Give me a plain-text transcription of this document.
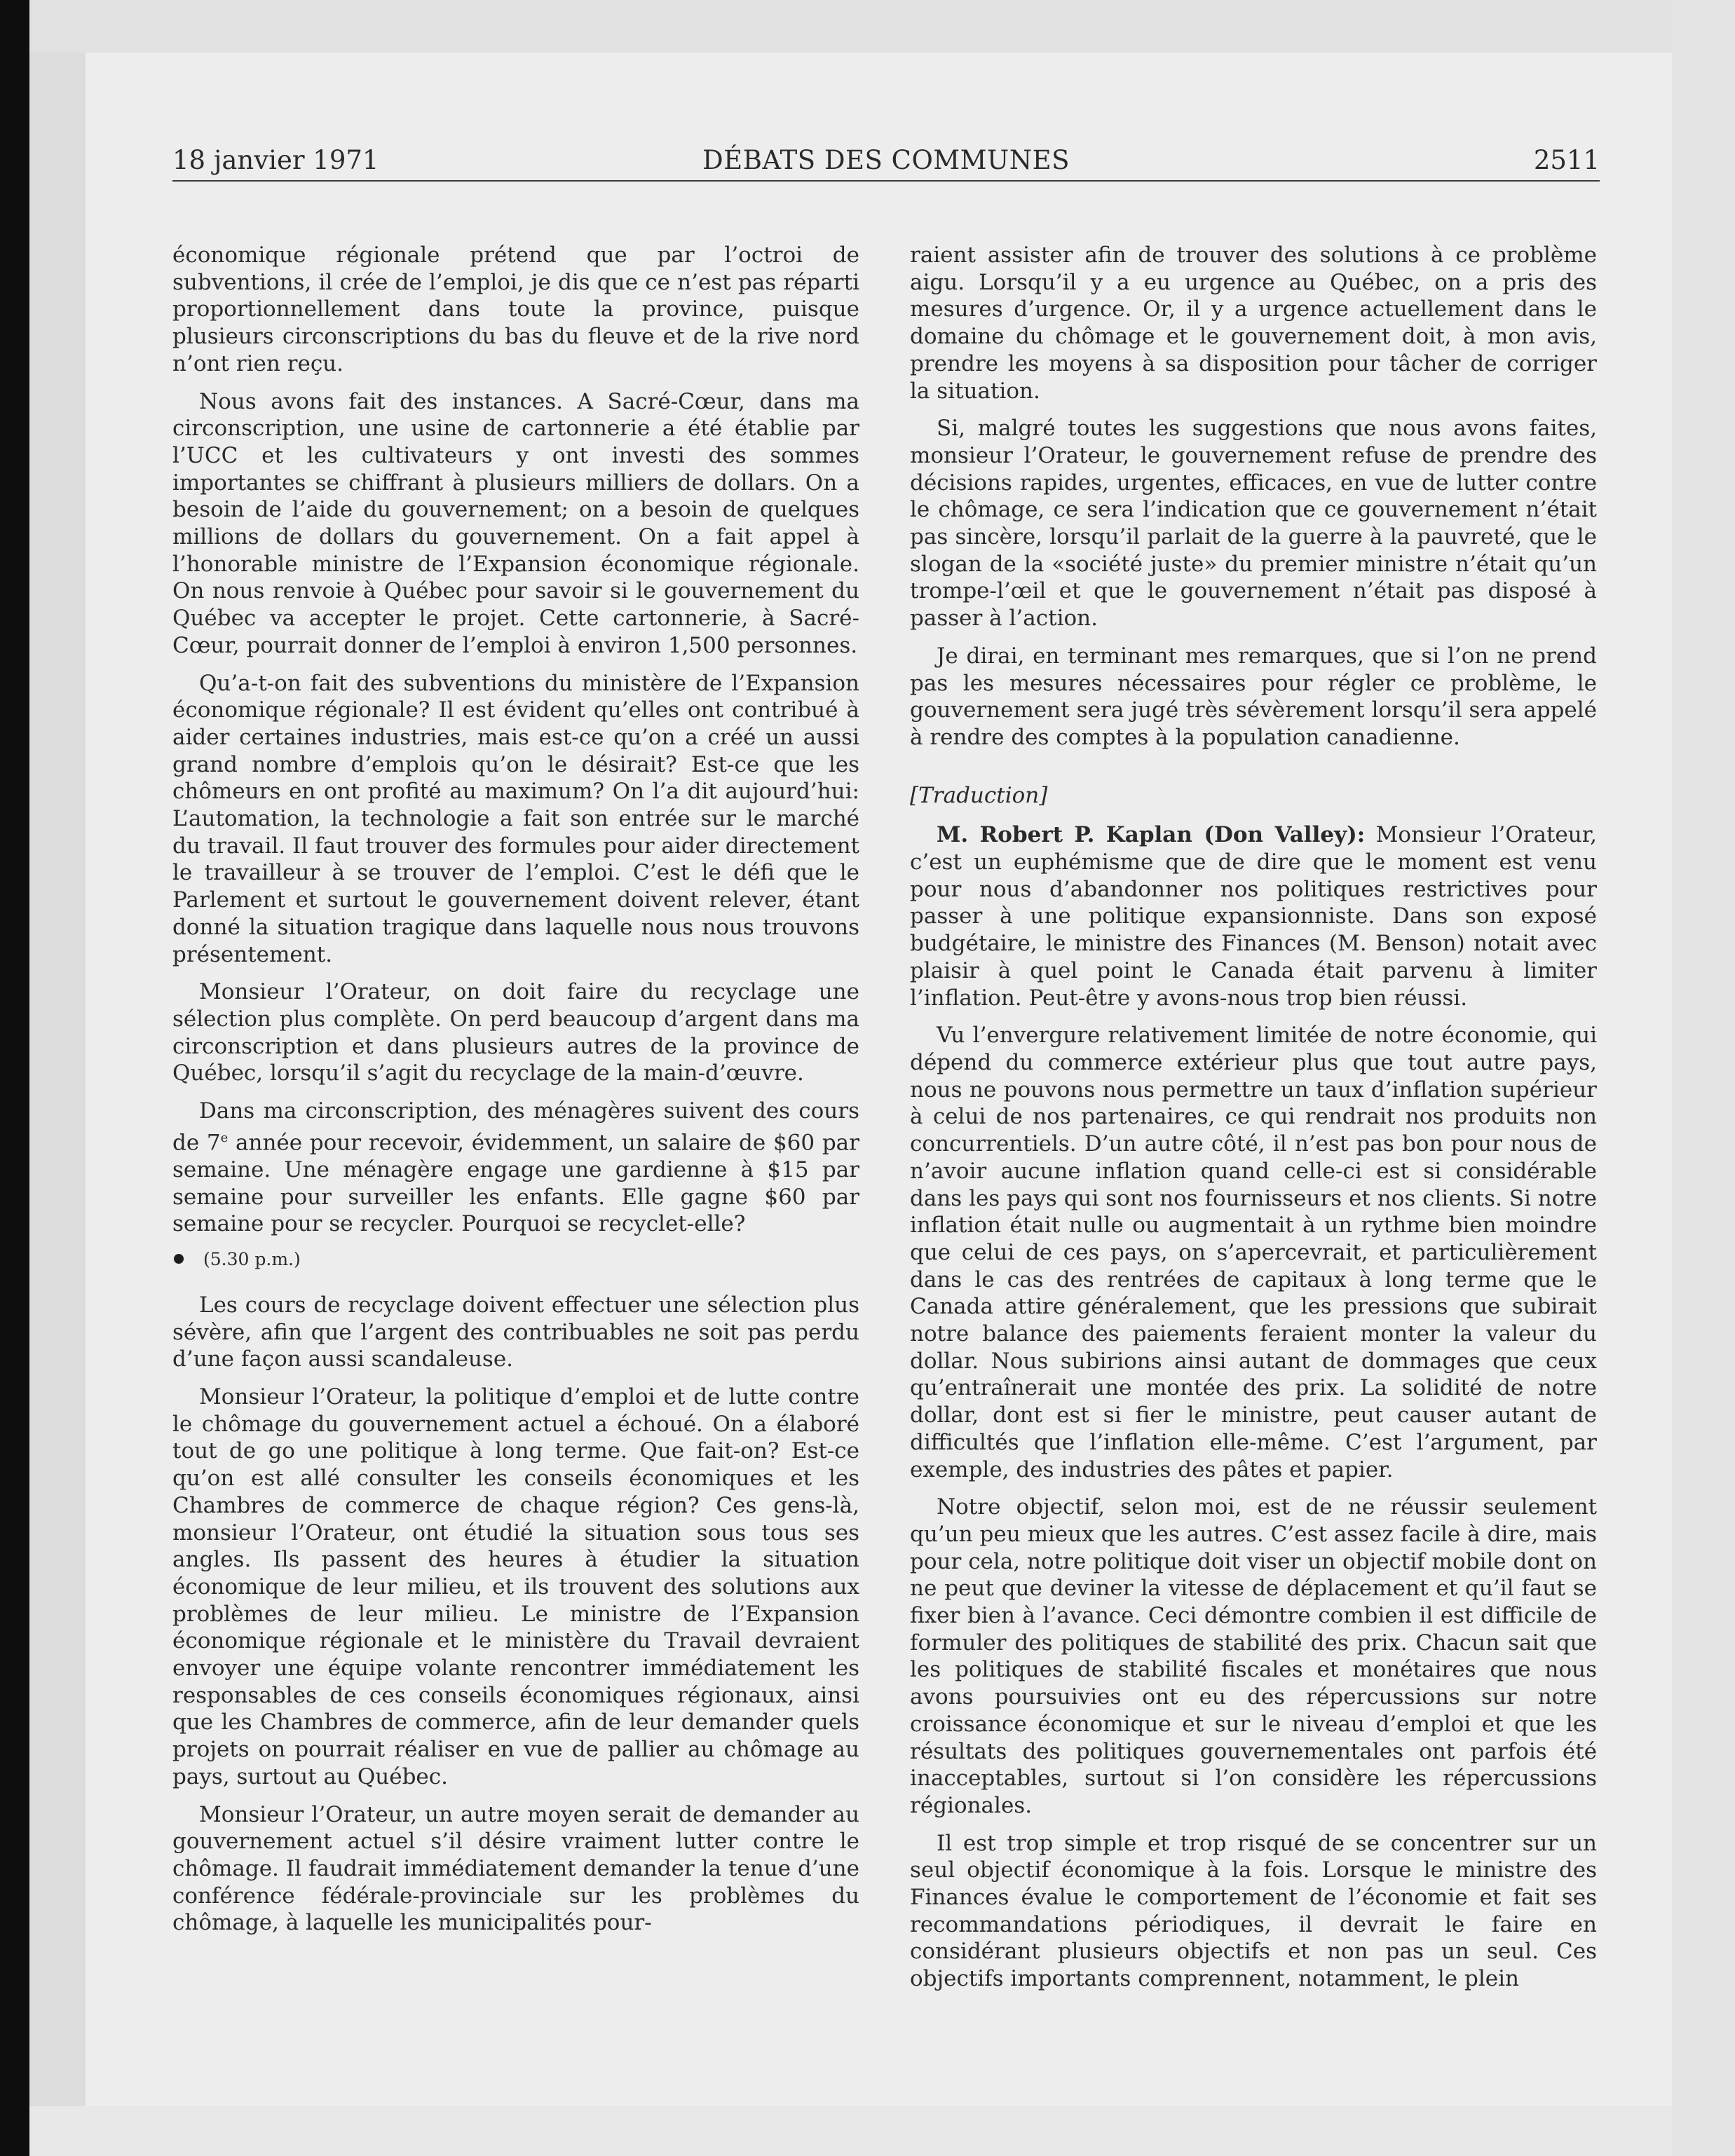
DÉBATS DES COMMUNES
18 janvier 1971	2511

économique régionale prétend que par l’octroi de subventions, il crée de l’emploi, je dis que ce n’est pas réparti proportionnellement dans toute la province, puisque plusieurs circonscriptions du bas du fleuve et de la rive nord n’ont rien reçu.

Nous avons fait des instances. A Sacré-Cœur, dans ma circonscription, une usine de cartonnerie a été établie par l’UCC et les cultivateurs y ont investi des sommes importantes se chiffrant à plusieurs milliers de dollars. On a besoin de l’aide du gouvernement; on a besoin de quelques millions de dollars du gouvernement. On a fait appel à l’honorable ministre de l’Expansion économique régionale. On nous renvoie à Québec pour savoir si le gouvernement du Québec va accepter le projet. Cette cartonnerie, à Sacré-Cœur, pourrait donner de l’emploi à environ 1,500 personnes.

Qu’a-t-on fait des subventions du ministère de l’Expansion économique régionale? Il est évident qu’elles ont contribué à aider certaines industries, mais est-ce qu’on a créé un aussi grand nombre d’emplois qu’on le désirait? Est-ce que les chômeurs en ont profité au maximum? On l’a dit aujourd’hui: L’automation, la technologie a fait son entrée sur le marché du travail. Il faut trouver des formules pour aider directement le travailleur à se trouver de l’emploi. C’est le défi que le Parlement et surtout le gouvernement doivent relever, étant donné la situation tragique dans laquelle nous nous trouvons présentement.

Monsieur l’Orateur, on doit faire du recyclage une sélection plus complète. On perd beaucoup d’argent dans ma circonscription et dans plusieurs autres de la province de Québec, lorsqu’il s’agit du recyclage de la main-d’œuvre.

Dans ma circonscription, des ménagères suivent des cours de 7e année pour recevoir, évidemment, un salaire de $60 par semaine. Une ménagère engage une gardienne à $15 par semaine pour surveiller les enfants. Elle gagne $60 par semaine pour se recycler. Pourquoi se recyclet-elle?

(5.30 p.m.)

Les cours de recyclage doivent effectuer une sélection plus sévère, afin que l’argent des contribuables ne soit pas perdu d’une façon aussi scandaleuse.

Monsieur l’Orateur, la politique d’emploi et de lutte contre le chômage du gouvernement actuel a échoué. On a élaboré tout de go une politique à long terme. Que fait-on? Est-ce qu’on est allé consulter les conseils économiques et les Chambres de commerce de chaque région? Ces gens-là, monsieur l’Orateur, ont étudié la situation sous tous ses angles. Ils passent des heures à étudier la situation économique de leur milieu, et ils trouvent des solutions aux problèmes de leur milieu. Le ministre de l’Expansion économique régionale et le ministère du Travail devraient envoyer une équipe volante rencontrer immédiatement les responsables de ces conseils économiques régionaux, ainsi que les Chambres de commerce, afin de leur demander quels projets on pourrait réaliser en vue de pallier au chômage au pays, surtout au Québec.

Monsieur l’Orateur, un autre moyen serait de demander au gouvernement actuel s’il désire vraiment lutter contre le chômage. Il faudrait immédiatement demander la tenue d’une conférence fédérale-provinciale sur les problèmes du chômage, à laquelle les municipalités pour-

raient assister afin de trouver des solutions à ce problème aigu. Lorsqu’il y a eu urgence au Québec, on a pris des mesures d’urgence. Or, il y a urgence actuellement dans le domaine du chômage et le gouvernement doit, à mon avis, prendre les moyens à sa disposition pour tâcher de corriger la situation.

Si, malgré toutes les suggestions que nous avons faites, monsieur l’Orateur, le gouvernement refuse de prendre des décisions rapides, urgentes, efficaces, en vue de lutter contre le chômage, ce sera l’indication que ce gouvernement n’était pas sincère, lorsqu’il parlait de la guerre à la pauvreté, que le slogan de la «société juste» du premier ministre n’était qu’un trompe-l’œil et que le gouvernement n’était pas disposé à passer à l’action.

Je dirai, en terminant mes remarques, que si l’on ne prend pas les mesures nécessaires pour régler ce problème, le gouvernement sera jugé très sévèrement lorsqu’il sera appelé à rendre des comptes à la population canadienne.

[Traduction]

M. Robert P. Kaplan (Don Valley): Monsieur l’Orateur, c’est un euphémisme que de dire que le moment est venu pour nous d’abandonner nos politiques restrictives pour passer à une politique expansionniste. Dans son exposé budgétaire, le ministre des Finances (M. Benson) notait avec plaisir à quel point le Canada était parvenu à limiter l’inflation. Peut-être y avons-nous trop bien réussi.

Vu l’envergure relativement limitée de notre économie, qui dépend du commerce extérieur plus que tout autre pays, nous ne pouvons nous permettre un taux d’inflation supérieur à celui de nos partenaires, ce qui rendrait nos produits non concurrentiels. D’un autre côté, il n’est pas bon pour nous de n’avoir aucune inflation quand celle-ci est si considérable dans les pays qui sont nos fournisseurs et nos clients. Si notre inflation était nulle ou augmentait à un rythme bien moindre que celui de ces pays, on s’apercevrait, et particulièrement dans le cas des rentrées de capitaux à long terme que le Canada attire généralement, que les pressions que subirait notre balance des paiements feraient monter la valeur du dollar. Nous subirions ainsi autant de dommages que ceux qu’entraînerait une montée des prix. La solidité de notre dollar, dont est si fier le ministre, peut causer autant de difficultés que l’inflation elle-même. C’est l’argument, par exemple, des industries des pâtes et papier.

Notre objectif, selon moi, est de ne réussir seulement qu’un peu mieux que les autres. C’est assez facile à dire, mais pour cela, notre politique doit viser un objectif mobile dont on ne peut que deviner la vitesse de déplacement et qu’il faut se fixer bien à l’avance. Ceci démontre combien il est difficile de formuler des politiques de stabilité des prix. Chacun sait que les politiques de stabilité fiscales et monétaires que nous avons poursuivies ont eu des répercussions sur notre croissance économique et sur le niveau d’emploi et que les résultats des politiques gouvernementales ont parfois été inacceptables, surtout si l’on considère les répercussions régionales.

Il est trop simple et trop risqué de se concentrer sur un seul objectif économique à la fois. Lorsque le ministre des Finances évalue le comportement de l’économie et fait ses recommandations périodiques, il devrait le faire en considérant plusieurs objectifs et non pas un seul. Ces objectifs importants comprennent, notamment, le plein
